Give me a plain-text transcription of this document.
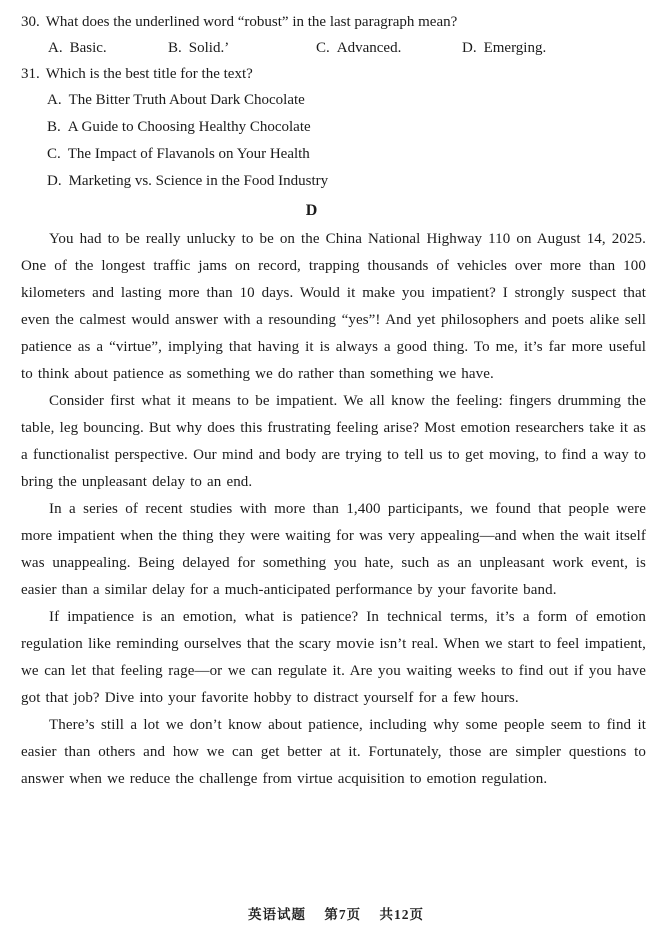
30. What does the underlined word “robust” in the last paragraph mean?
A. Basic.	B. Solid.’	C. Advanced.	D. Emerging.
31. Which is the best title for the text?
A. The Bitter Truth About Dark Chocolate
B. A Guide to Choosing Healthy Chocolate
C. The Impact of Flavanols on Your Health
D. Marketing vs. Science in the Food Industry
D

You had to be really unlucky to be on the China National Highway 110 on August 14, 2025. One of the longest traffic jams on record, trapping thousands of vehicles over more than 100 kilometers and lasting more than 10 days. Would it make you impatient? I strongly suspect that even the calmest would answer with a resounding “yes”! And yet philosophers and poets alike sell patience as a “virtue”, implying that having it is always a good thing. To me, it’s far more useful to think about patience as something we do rather than something we have.

Consider first what it means to be impatient. We all know the feeling: fingers drumming the table, leg bouncing. But why does this frustrating feeling arise? Most emotion researchers take it as a functionalist perspective. Our mind and body are trying to tell us to get moving, to find a way to bring the unpleasant delay to an end.

In a series of recent studies with more than 1,400 participants, we found that people were more impatient when the thing they were waiting for was very appealing—and when the wait itself was unappealing. Being delayed for something you hate, such as an unpleasant work event, is easier than a similar delay for a much-anticipated performance by your favorite band.

If impatience is an emotion, what is patience? In technical terms, it’s a form of emotion regulation like reminding ourselves that the scary movie isn’t real. When we start to feel impatient, we can let that feeling rage—or we can regulate it. Are you waiting weeks to find out if you have got that job? Dive into your favorite hobby to distract yourself for a few hours.

There’s still a lot we don’t know about patience, including why some people seem to find it easier than others and how we can get better at it. Fortunately, those are simpler questions to answer when we reduce the challenge from virtue acquisition to emotion regulation.

英语试题 第7页 共12页
